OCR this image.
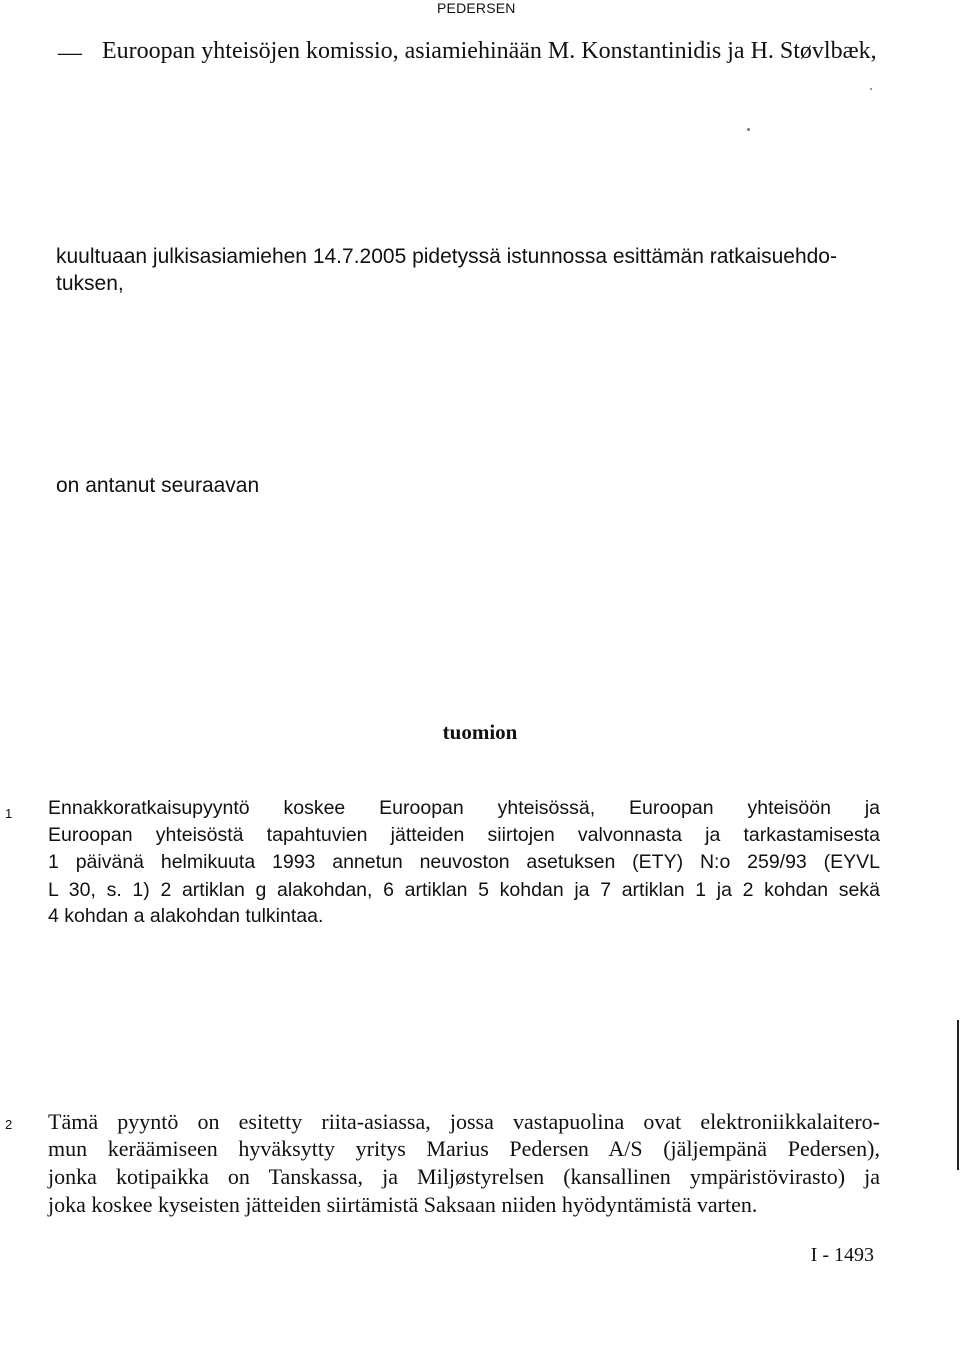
PEDERSEN
— Euroopan yhteisöjen komissio, asiamiehinään M. Konstantinidis ja H. Støvlbæk,
kuultuaan julkisasiamiehen 14.7.2005 pidetyssä istunnossa esittämän ratkaisuehdo-
tuksen,
on antanut seuraavan
tuomion
1 Ennakkoratkaisupyyntö koskee Euroopan yhteisössä, Euroopan yhteisöön ja
Euroopan yhteisöstä tapahtuvien jätteiden siirtojen valvonnasta ja tarkastamisesta
1 päivänä helmikuuta 1993 annetun neuvoston asetuksen (ETY) N:o 259/93 (EYVL
L 30, s. 1) 2 artiklan g alakohdan, 6 artiklan 5 kohdan ja 7 artiklan 1 ja 2 kohdan sekä
4 kohdan a alakohdan tulkintaa.
2 Tämä pyyntö on esitetty riita-asiassa, jossa vastapuolina ovat elektroniikkalaitero-
mun keräämiseen hyväksytty yritys Marius Pedersen A/S (jäljempänä Pedersen),
jonka kotipaikka on Tanskassa, ja Miljøstyrelsen (kansallinen ympäristövirasto) ja
joka koskee kyseisten jätteiden siirtämistä Saksaan niiden hyödyntämistä varten.
I - 1493
